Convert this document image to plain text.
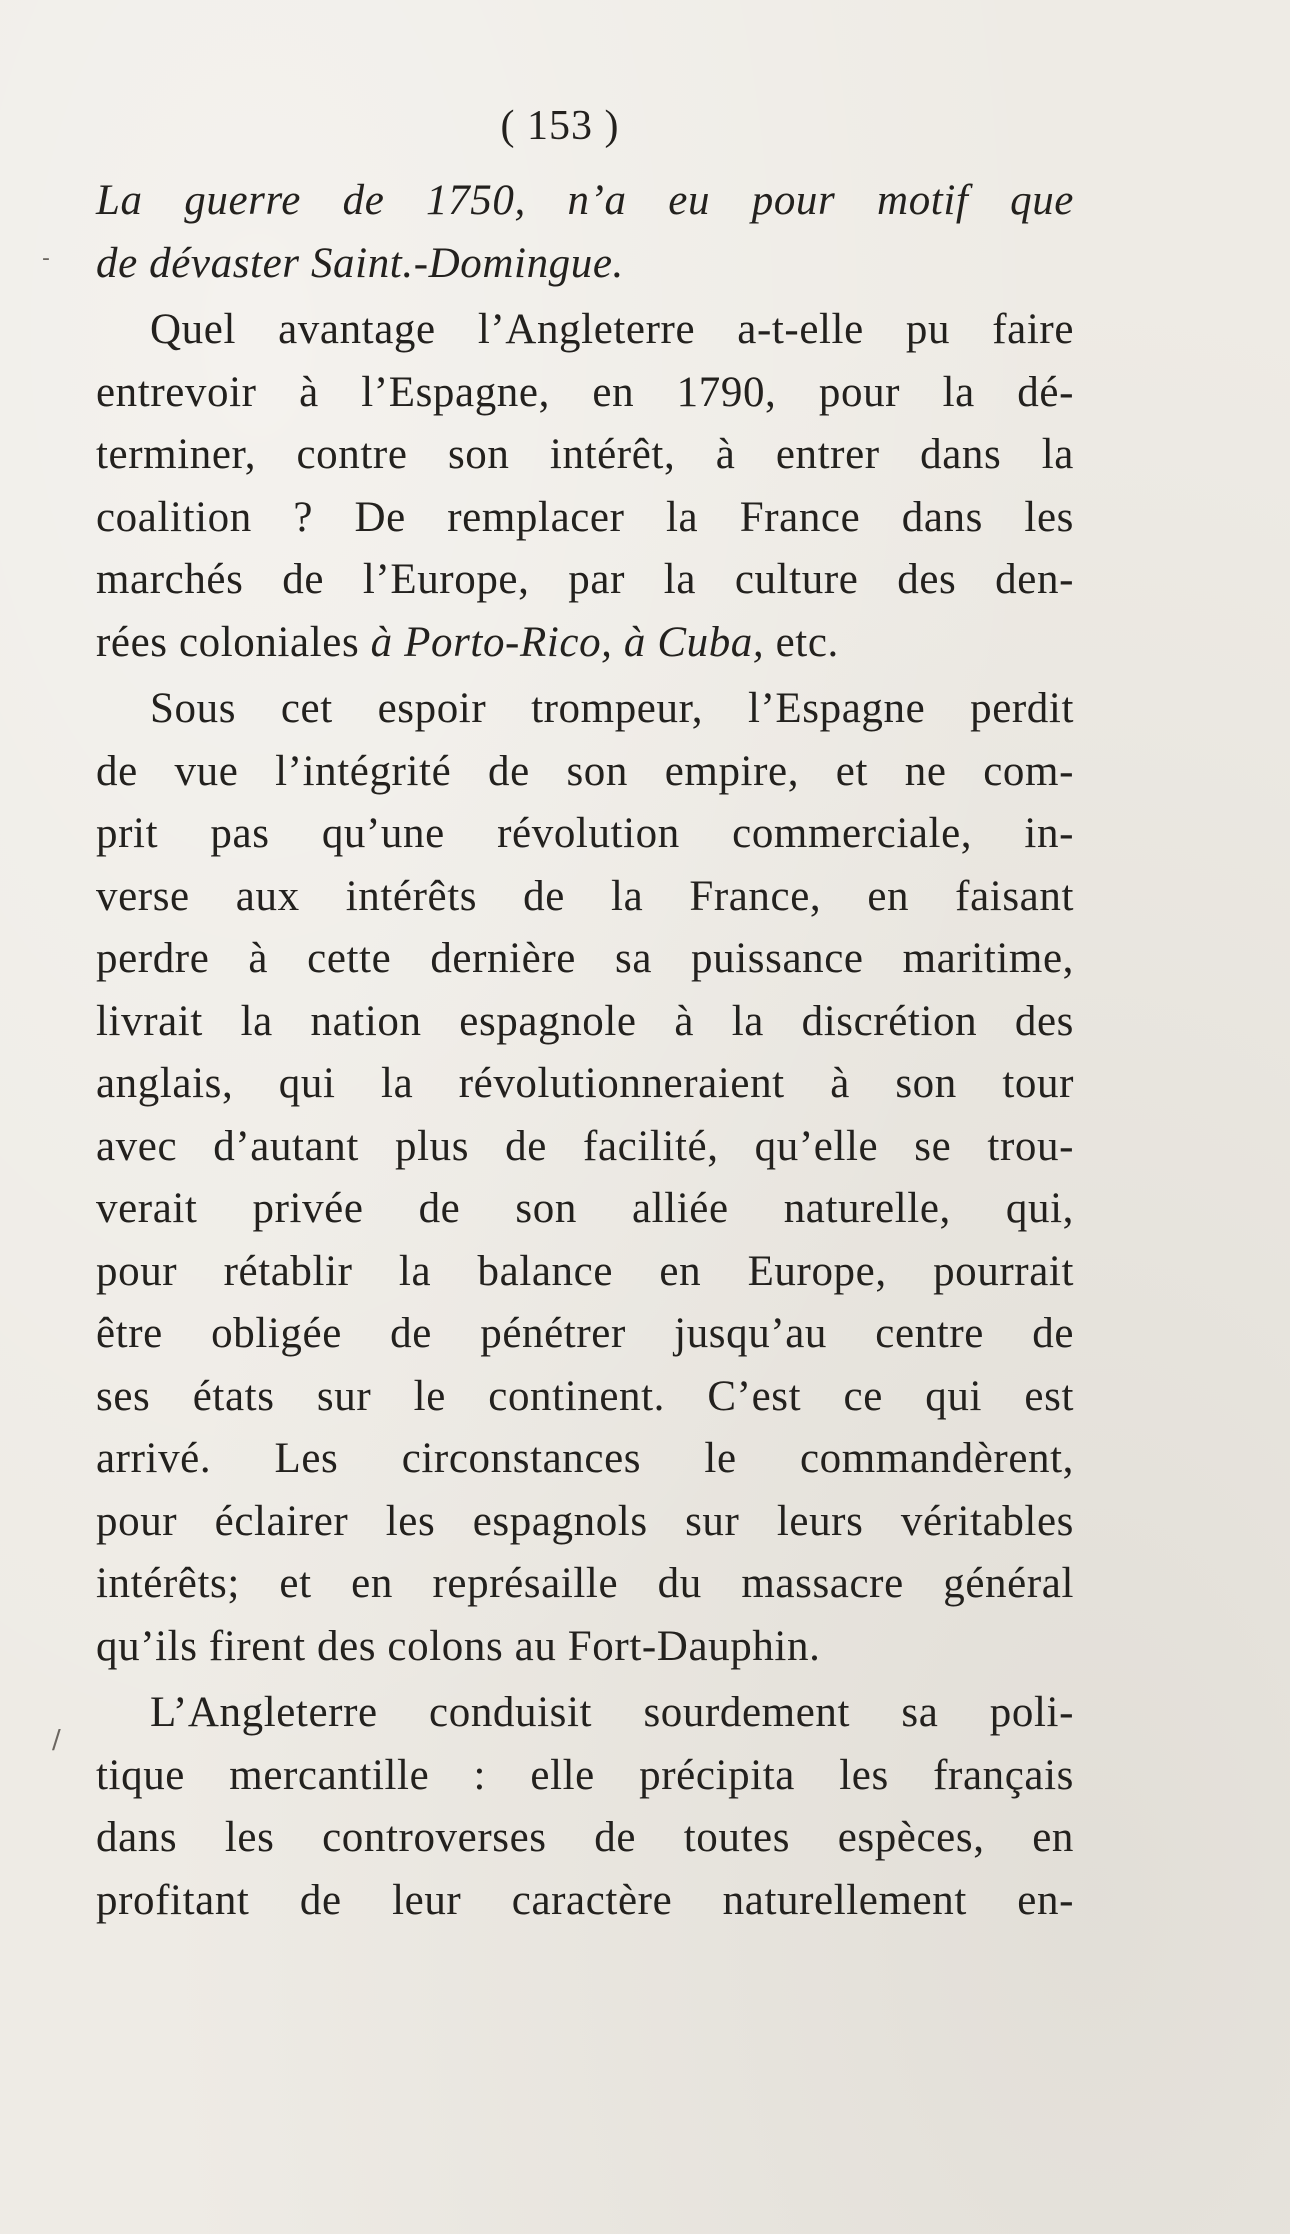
( 153 )
La guerre de 1750, n’a eu pour motif que
de dévaster Saint.-Domingue.
Quel avantage l’Angleterre a-t-elle pu faire
entrevoir à l’Espagne, en 1790, pour la dé-
terminer, contre son intérêt, à entrer dans la
coalition ? De remplacer la France dans les
marchés de l’Europe, par la culture des den-
rées coloniales à Porto-Rico, à Cuba, etc.
Sous cet espoir trompeur, l’Espagne perdit
de vue l’intégrité de son empire, et ne com-
prit pas qu’une révolution commerciale, in-
verse aux intérêts de la France, en faisant
perdre à cette dernière sa puissance maritime,
livrait la nation espagnole à la discrétion des
anglais, qui la révolutionneraient à son tour
avec d’autant plus de facilité, qu’elle se trou-
verait privée de son alliée naturelle, qui,
pour rétablir la balance en Europe, pourrait
être obligée de pénétrer jusqu’au centre de
ses états sur le continent. C’est ce qui est
arrivé. Les circonstances le commandèrent,
pour éclairer les espagnols sur leurs véritables
intérêts; et en représaille du massacre général
qu’ils firent des colons au Fort-Dauphin.
L’Angleterre conduisit sourdement sa poli-
tique mercantille : elle précipita les français
dans les controverses de toutes espèces, en
profitant de leur caractère naturellement en-
-
/
